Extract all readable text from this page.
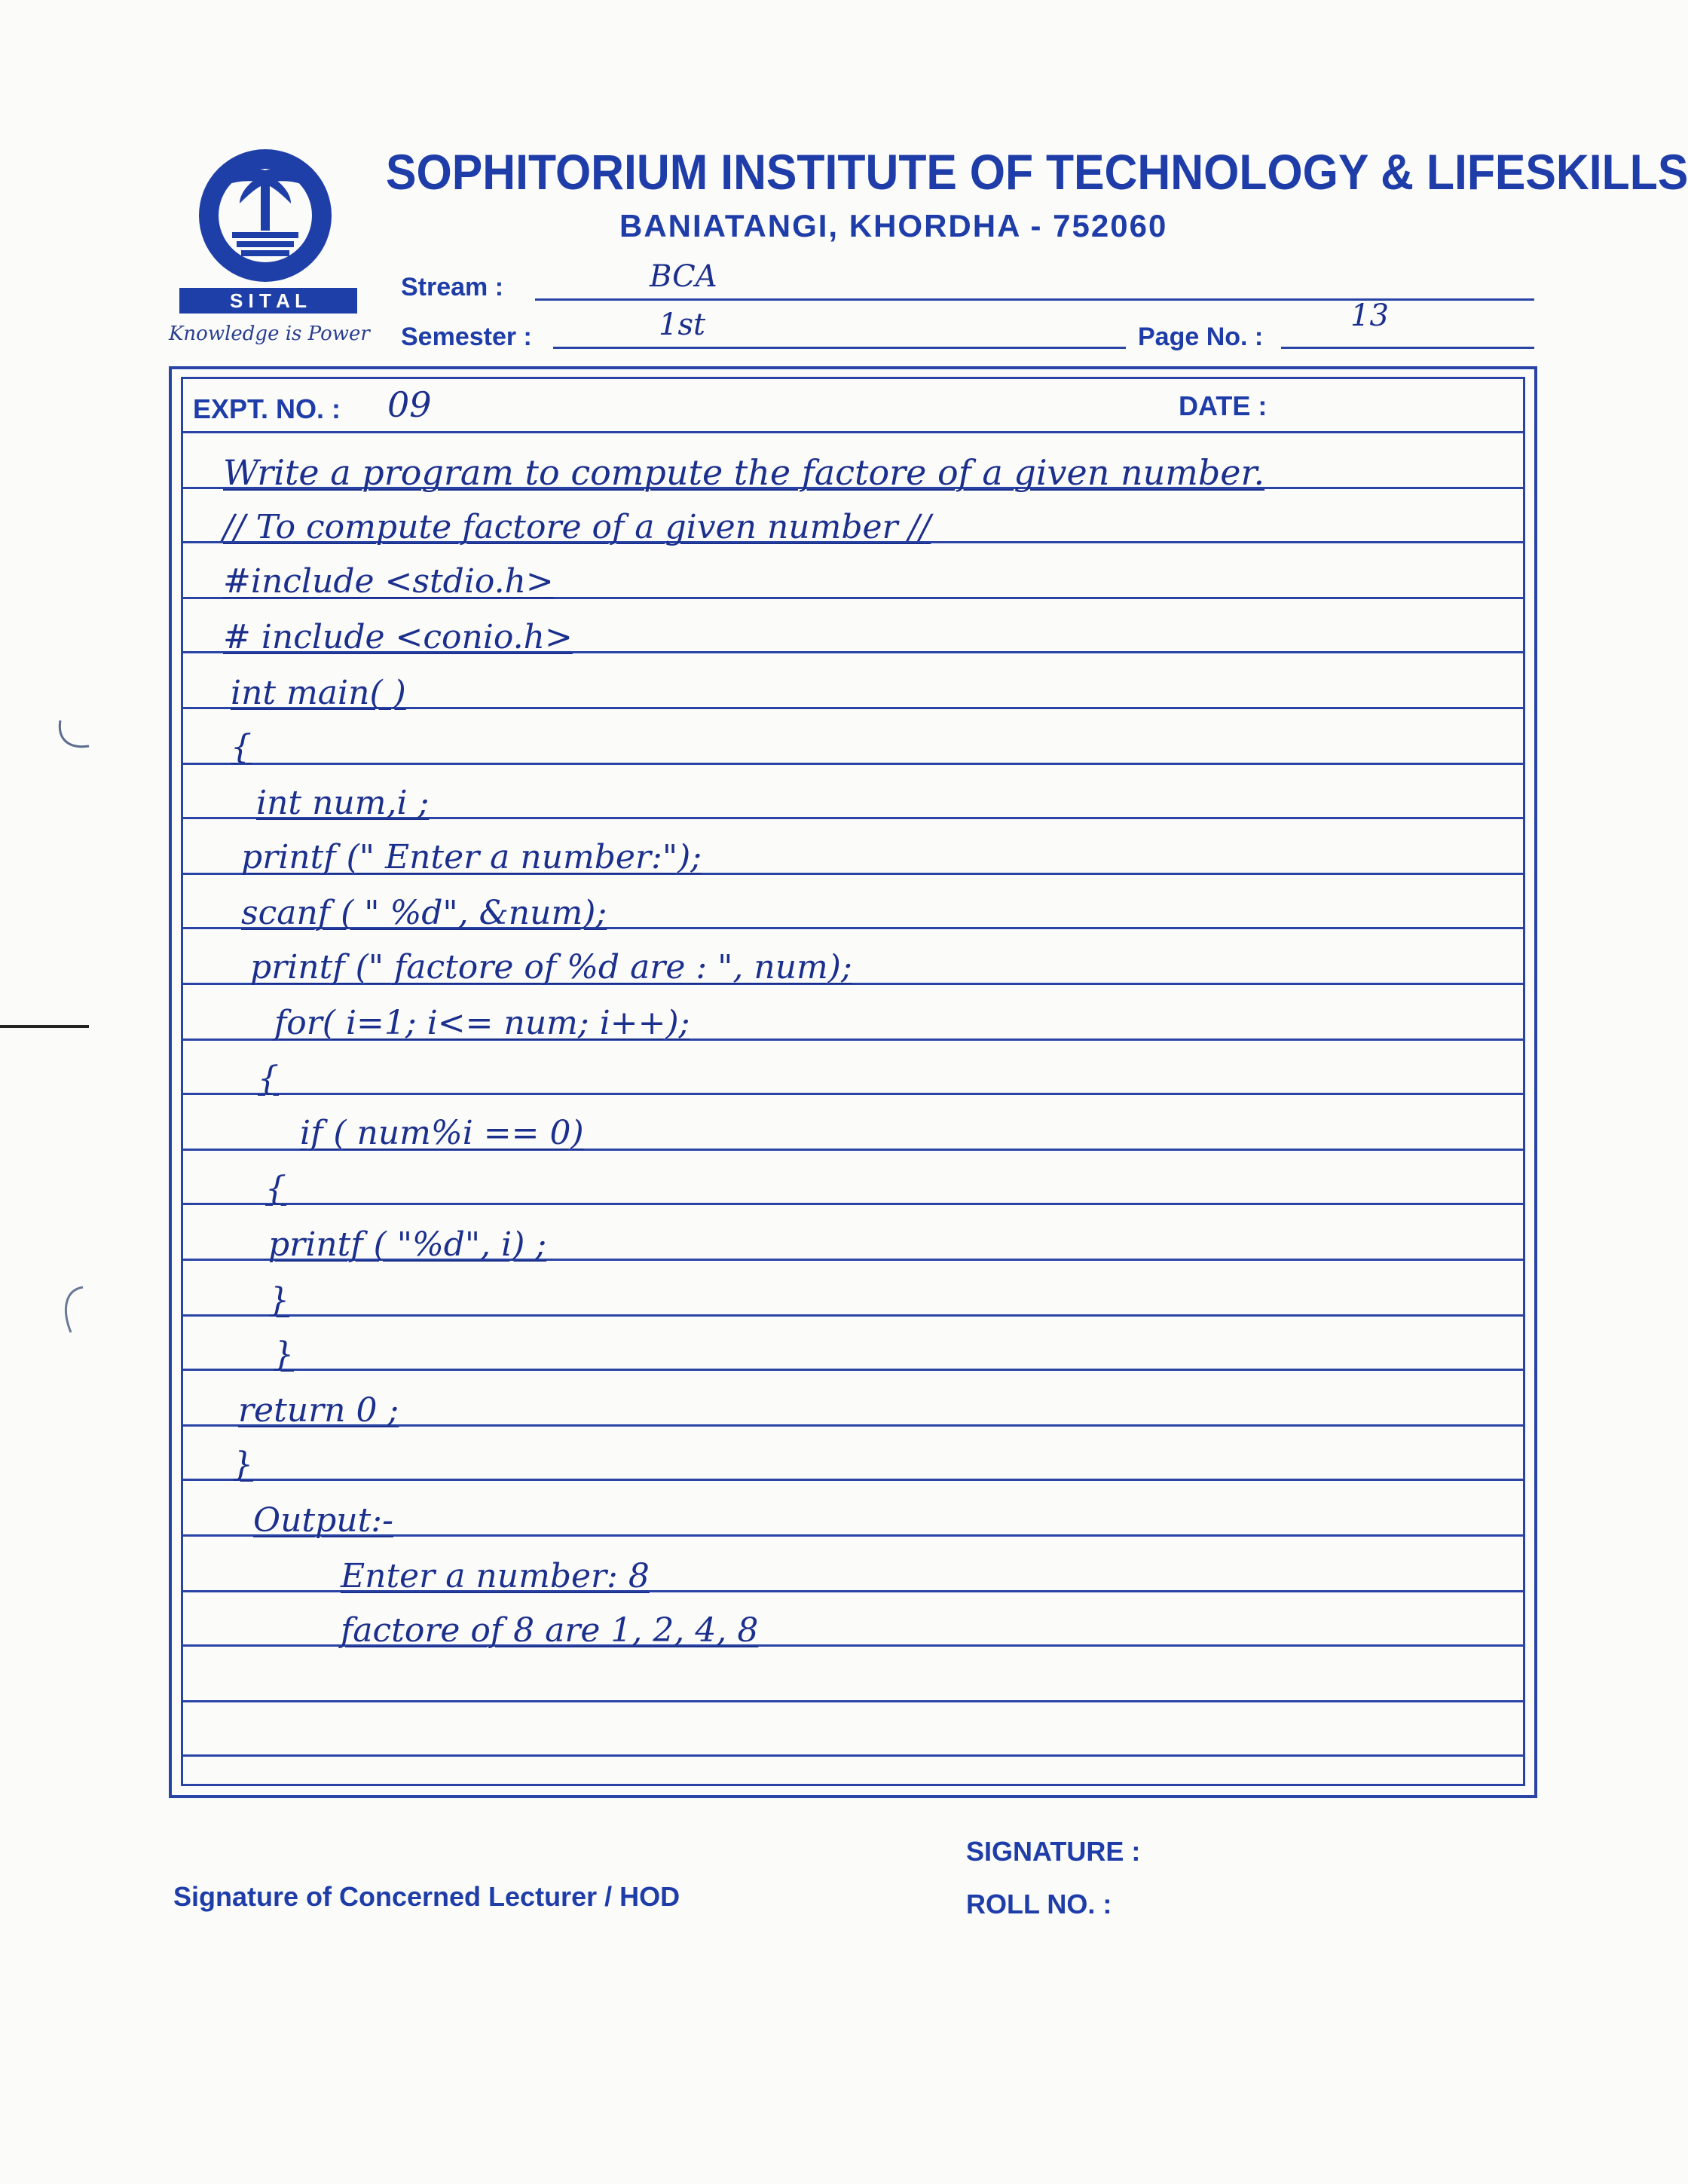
S I T A L
Knowledge is Power
SOPHITORIUM INSTITUTE OF TECHNOLOGY & LIFESKILLS
BANIATANGI, KHORDHA - 752060
Stream :	BCA
Semester :	1st	Page No. :
13
EXPT. NO. : 09	DATE :
Write a program to compute the factore of a given number.
// To compute factore of a given number //
#include <stdio.h>
# include <conio.h>
int main( )
{
int num,i ;
printf (" Enter a number:");
scanf ( " %d", &num);
printf (" factore of %d are : ", num);
for( i=1; i<= num; i++);
{
if ( num%i == 0)
{
printf ( "%d", i) ;
}
}
return 0 ;
}
Output:-
Enter a number: 8
factore of 8 are 1, 2, 4, 8
SIGNATURE :
ROLL NO. :
Signature of Concerned Lecturer / HOD
